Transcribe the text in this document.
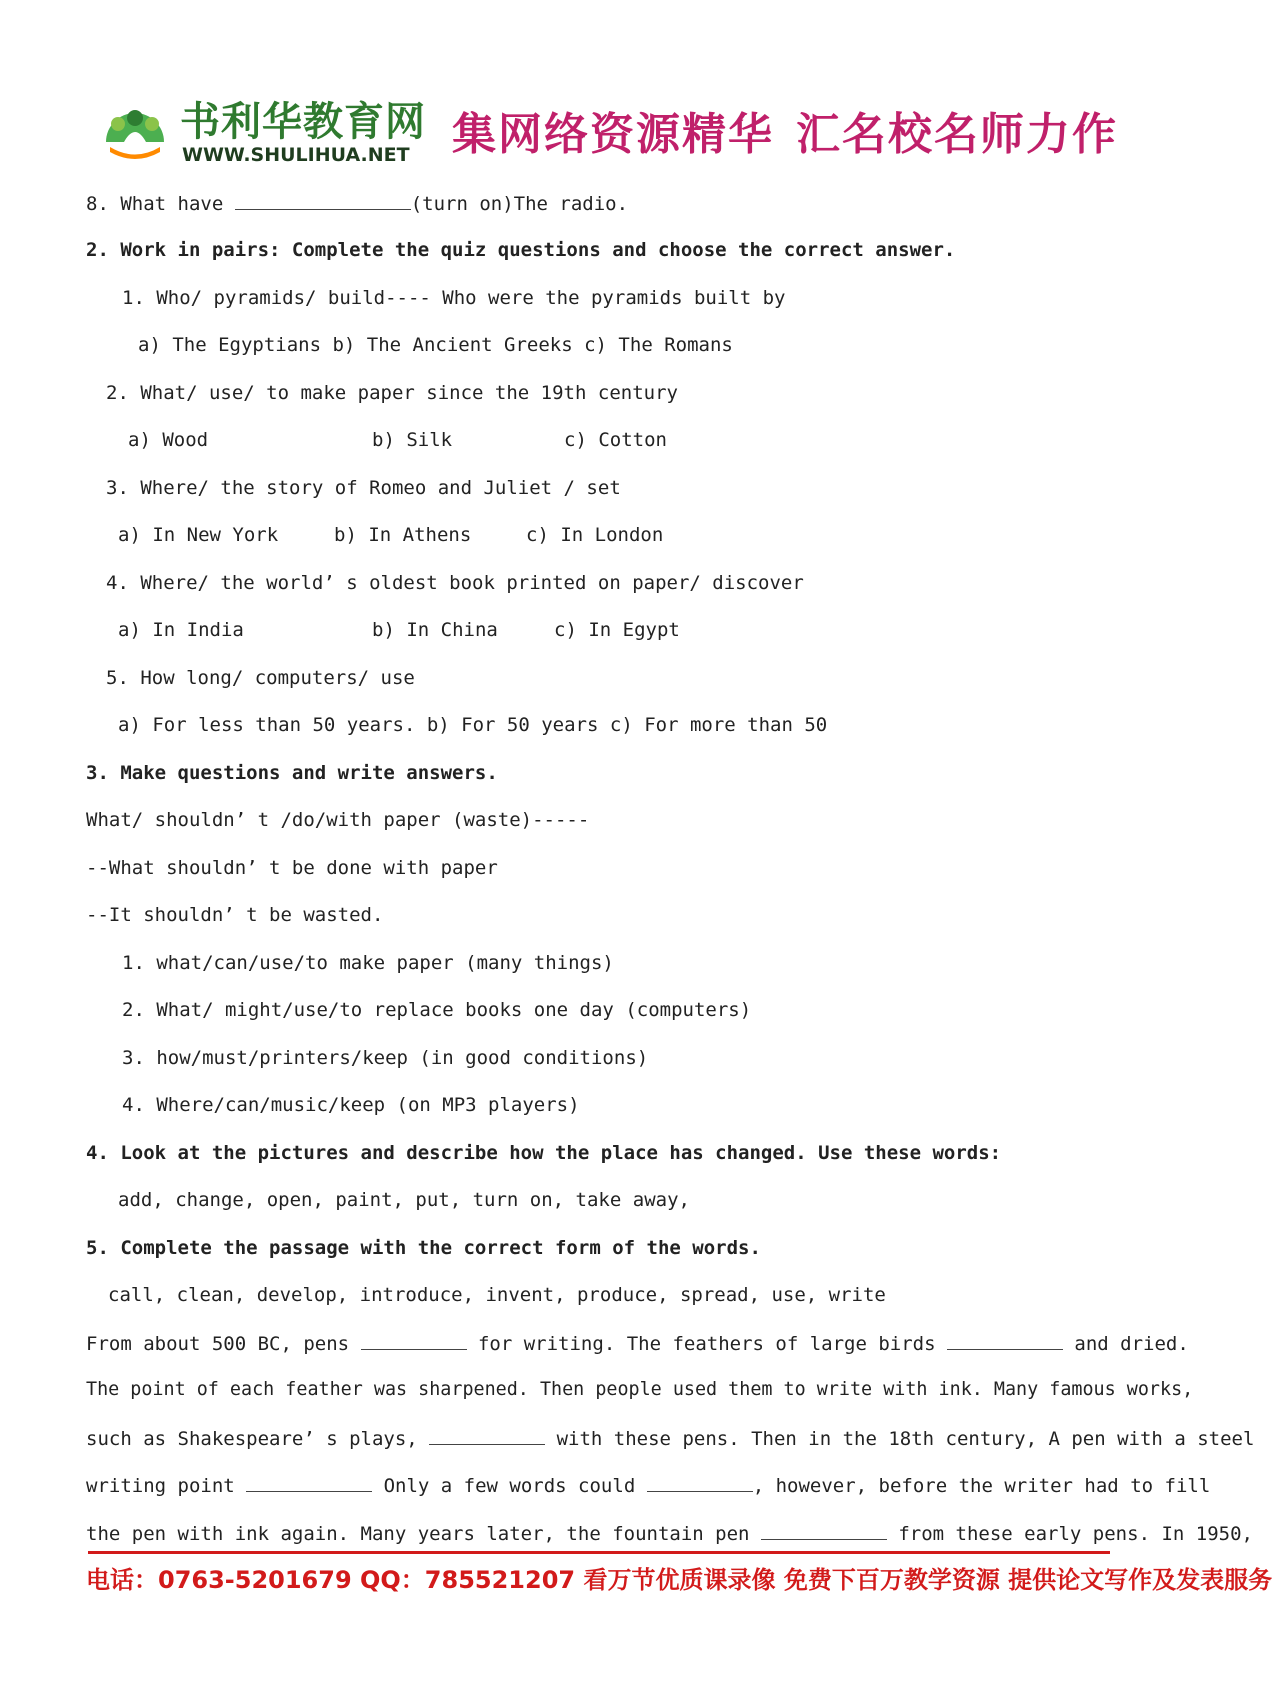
书利华教育网
WWW.SHULIHUA.NET 集网络资源精华 汇名校名师力作
8. What have	(turn on)The radio.
2. Work in pairs: Complete the quiz questions and choose the correct answer.
1. Who/ pyramids/ build---- Who were the pyramids built by
a) The Egyptians b) The Ancient Greeks c) The Romans
2. What/ use/ to make paper since the 19th century
a) Wood	b) Silk	c) Cotton
3. Where/ the story of Romeo and Juliet / set
a) In New York	b) In Athens	c) In London
4. Where/ the world’ s oldest book printed on paper/ discover
a) In India	b) In China	c) In Egypt
5. How long/ computers/ use
a) For less than 50 years. b) For 50 years c) For more than 50
3. Make questions and write answers.
What/ shouldn’ t /do/with paper (waste)-----
--What shouldn’ t be done with paper
--It shouldn’ t be wasted.
1. what/can/use/to make paper (many things)
2. What/ might/use/to replace books one day (computers)
3. how/must/printers/keep (in good conditions)
4. Where/can/music/keep (on MP3 players)
4. Look at the pictures and describe how the place has changed. Use these words:
add, change, open, paint, put, turn on, take away,
5. Complete the passage with the correct form of the words.
call, clean, develop, introduce, invent, produce, spread, use, write
From about 500 BC, pens	for writing. The feathers of large birds	and dried.
The point of each feather was sharpened. Then people used them to write with ink. Many famous works,
such as Shakespeare’ s plays,	with these pens. Then in the 18th century, A pen with a steel
writing point	Only a few words could	, however, before the writer had to fill
the pen with ink again. Many years later, the fountain pen	from these early pens. In 1950,
电话：0763-5201679 QQ：785521207 看万节优质课录像 免费下百万教学资源 提供论文写作及发表服务
